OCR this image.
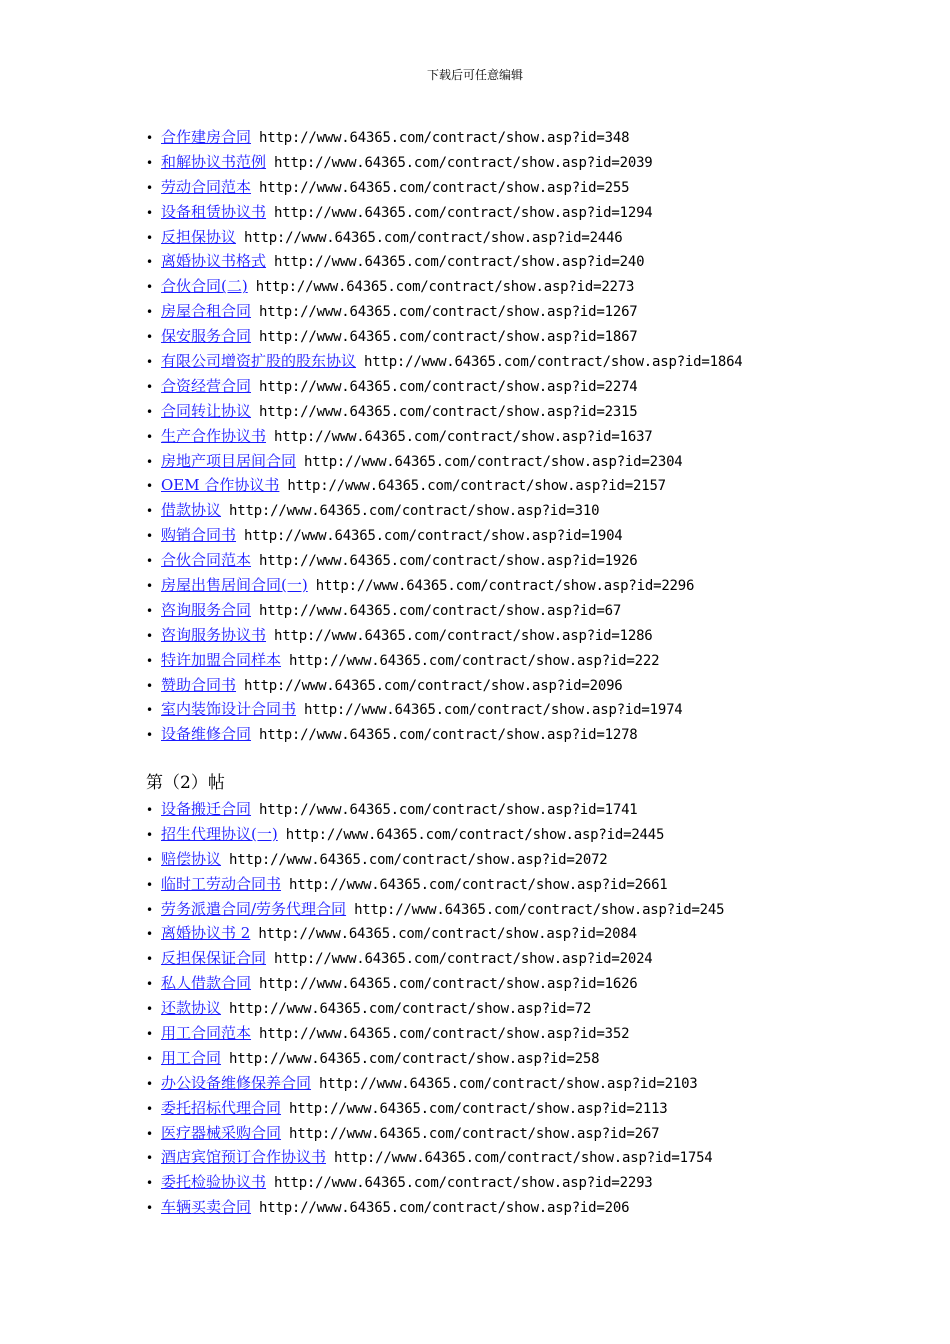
下载后可任意编辑
• 合作建房合同 http://www.64365.com/contract/show.asp?id=348
• 和解协议书范例 http://www.64365.com/contract/show.asp?id=2039
• 劳动合同范本 http://www.64365.com/contract/show.asp?id=255
• 设备租赁协议书 http://www.64365.com/contract/show.asp?id=1294
• 反担保协议 http://www.64365.com/contract/show.asp?id=2446
• 离婚协议书格式 http://www.64365.com/contract/show.asp?id=240
• 合伙合同(二) http://www.64365.com/contract/show.asp?id=2273
• 房屋合租合同 http://www.64365.com/contract/show.asp?id=1267
• 保安服务合同 http://www.64365.com/contract/show.asp?id=1867
• 有限公司增资扩股的股东协议 http://www.64365.com/contract/show.asp?id=1864
• 合资经营合同 http://www.64365.com/contract/show.asp?id=2274
• 合同转让协议 http://www.64365.com/contract/show.asp?id=2315
• 生产合作协议书 http://www.64365.com/contract/show.asp?id=1637
• 房地产项目居间合同 http://www.64365.com/contract/show.asp?id=2304
• OEM 合作协议书 http://www.64365.com/contract/show.asp?id=2157
• 借款协议 http://www.64365.com/contract/show.asp?id=310
• 购销合同书 http://www.64365.com/contract/show.asp?id=1904
• 合伙合同范本 http://www.64365.com/contract/show.asp?id=1926
• 房屋出售居间合同(一) http://www.64365.com/contract/show.asp?id=2296
• 咨询服务合同 http://www.64365.com/contract/show.asp?id=67
• 咨询服务协议书 http://www.64365.com/contract/show.asp?id=1286
• 特许加盟合同样本 http://www.64365.com/contract/show.asp?id=222
• 赞助合同书 http://www.64365.com/contract/show.asp?id=2096
• 室内装饰设计合同书 http://www.64365.com/contract/show.asp?id=1974
• 设备维修合同 http://www.64365.com/contract/show.asp?id=1278
第（2）帖
• 设备搬迁合同 http://www.64365.com/contract/show.asp?id=1741
• 招生代理协议(一) http://www.64365.com/contract/show.asp?id=2445
• 赔偿协议 http://www.64365.com/contract/show.asp?id=2072
• 临时工劳动合同书 http://www.64365.com/contract/show.asp?id=2661
• 劳务派遣合同/劳务代理合同 http://www.64365.com/contract/show.asp?id=245
• 离婚协议书 2 http://www.64365.com/contract/show.asp?id=2084
• 反担保保证合同 http://www.64365.com/contract/show.asp?id=2024
• 私人借款合同 http://www.64365.com/contract/show.asp?id=1626
• 还款协议 http://www.64365.com/contract/show.asp?id=72
• 用工合同范本 http://www.64365.com/contract/show.asp?id=352
• 用工合同 http://www.64365.com/contract/show.asp?id=258
• 办公设备维修保养合同 http://www.64365.com/contract/show.asp?id=2103
• 委托招标代理合同 http://www.64365.com/contract/show.asp?id=2113
• 医疗器械采购合同 http://www.64365.com/contract/show.asp?id=267
• 酒店宾馆预订合作协议书 http://www.64365.com/contract/show.asp?id=1754
• 委托检验协议书 http://www.64365.com/contract/show.asp?id=2293
• 车辆买卖合同 http://www.64365.com/contract/show.asp?id=206
